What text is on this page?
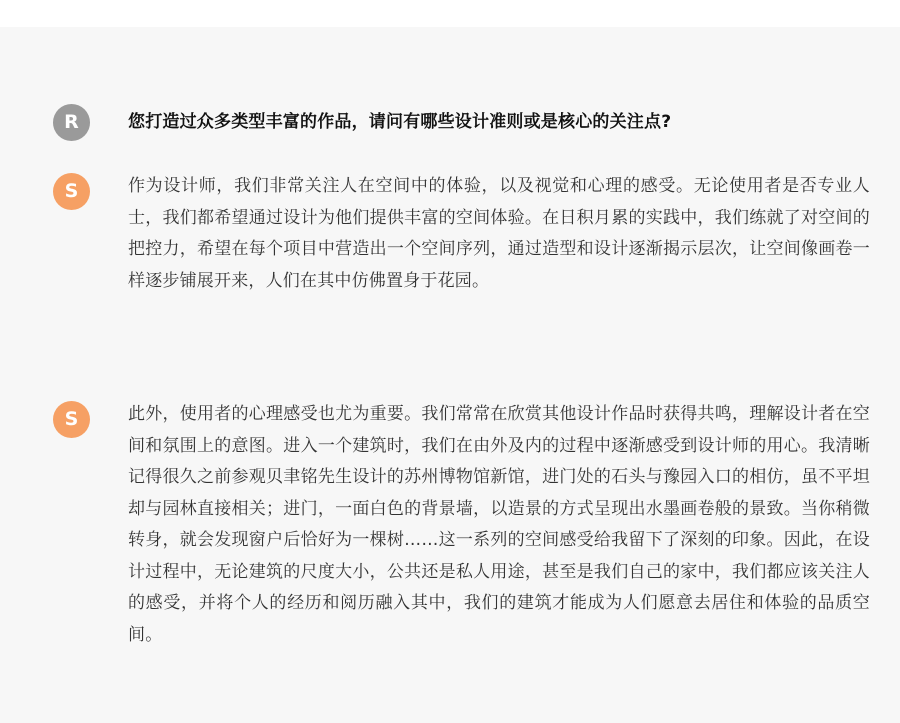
R	您打造过众多类型丰富的作品，请问有哪些设计准则或是核心的关注点?

S	作为设计师，我们非常关注人在空间中的体验，以及视觉和心理的感受。无论使用者是否专业人士，我们都希望通过设计为他们提供丰富的空间体验。在日积月累的实践中，我们练就了对空间的把控力，希望在每个项目中营造出一个空间序列，通过造型和设计逐渐揭示层次，让空间像画卷一样逐步铺展开来，人们在其中仿佛置身于花园。

S	此外，使用者的心理感受也尤为重要。我们常常在欣赏其他设计作品时获得共鸣，理解设计者在空间和氛围上的意图。进入一个建筑时，我们在由外及内的过程中逐渐感受到设计师的用心。我清晰记得很久之前参观贝聿铭先生设计的苏州博物馆新馆，进门处的石头与豫园入口的相仿，虽不平坦却与园林直接相关；进门，一面白色的背景墙，以造景的方式呈现出水墨画卷般的景致。当你稍微转身，就会发现窗户后恰好为一棵树……这一系列的空间感受给我留下了深刻的印象。因此，在设计过程中，无论建筑的尺度大小，公共还是私人用途，甚至是我们自己的家中，我们都应该关注人的感受，并将个人的经历和阅历融入其中，我们的建筑才能成为人们愿意去居住和体验的品质空间。
